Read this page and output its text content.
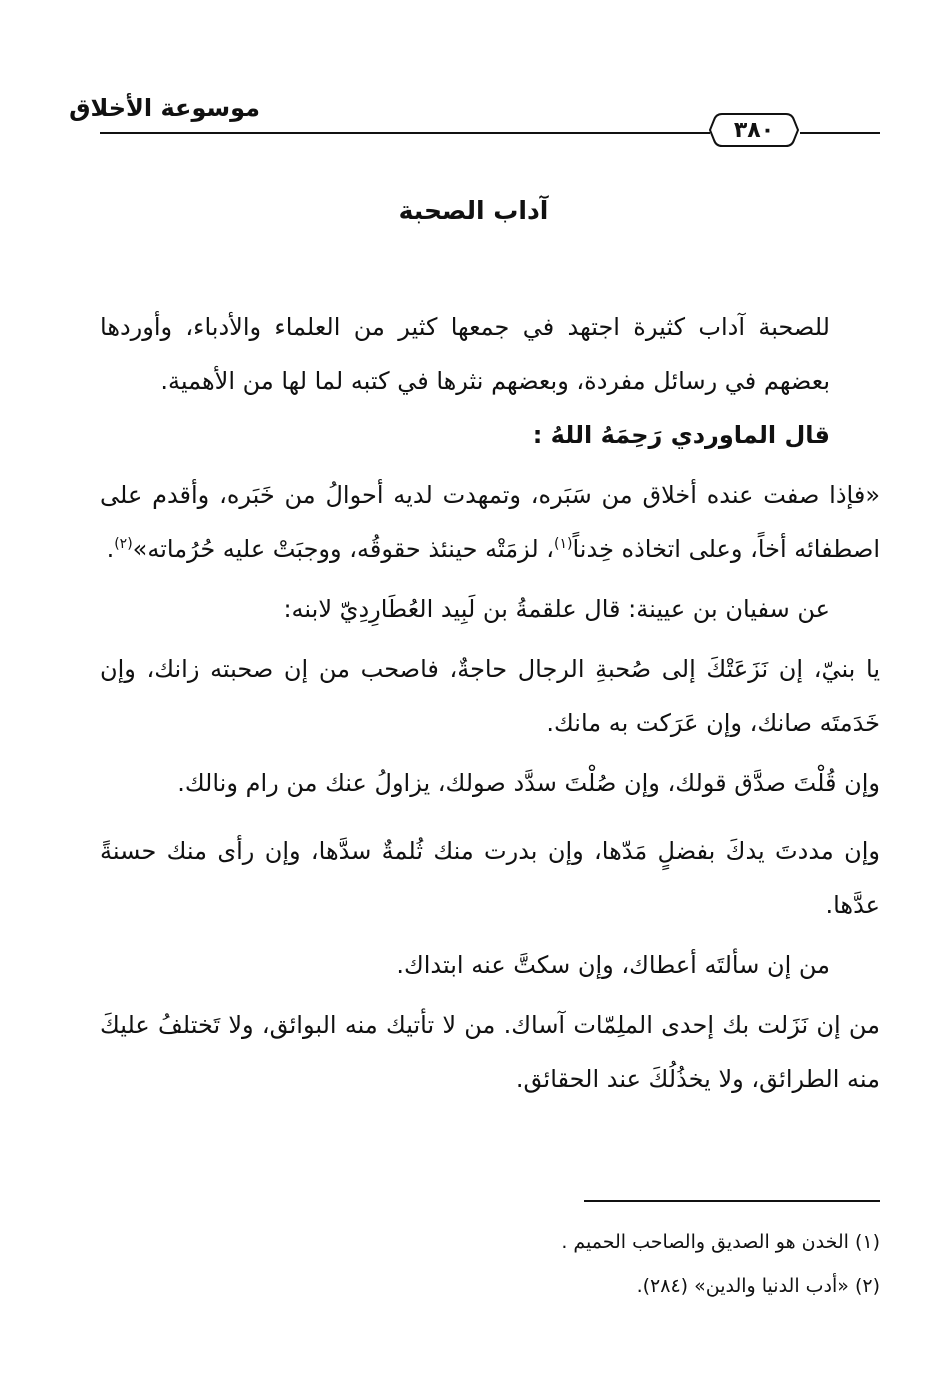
٣٨٠
موسوعة الأخلاق
آداب الصحبة

للصحبة آداب كثيرة اجتهد في جمعها كثير من العلماء والأدباء، وأوردها بعضهم في رسائل مفردة، وبعضهم نثرها في كتبه لما لها من الأهمية.

قال الماوردي رَحِمَهُ اللهُ :

«فإذا صفت عنده أخلاق من سَبَره، وتمهدت لديه أحوالُ من خَبَره، وأقدم على اصطفائه أخاً، وعلى اتخاذه خِدناً$^{(١)}$، لزمَتْه حينئذ حقوقُه، ووجبَتْ عليه حُرُماته»$^{(٢)}$.

عن سفيان بن عيينة: قال علقمةُ بن لَبِيد العُطَارِدِيّ لابنه:

يا بنيّ، إن نَزَعَتْكَ إلى صُحبةِ الرجال حاجةٌ، فاصحب من إن صحبته زانك، وإن خَدَمتَه صانك، وإن عَرَكت به مانك.

وإن قُلْتَ صدَّق قولك، وإن صُلْتَ سدَّد صولك، يزاولُ عنك من رام ونالك.

وإن مددتَ يدكَ بفضلٍ مَدّها، وإن بدرت منك ثُلمةٌ سدَّها، وإن رأى منك حسنةً عدَّها.

من إن سألتَه أعطاك، وإن سكتَّ عنه ابتداك.

من إن نَزَلت بك إحدى الملِمّات آساك. من لا تأتيك منه البوائق، ولا تَختلفُ عليكَ منه الطرائق، ولا يخذُلُكَ عند الحقائق.

(١) الخدن هو الصديق والصاحب الحميم .

(٢) «أدب الدنيا والدين» (٢٨٤).
